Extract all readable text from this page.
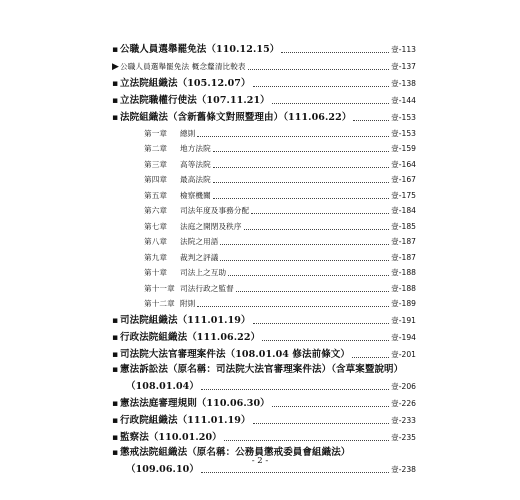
▪ 公職人員選舉罷免法（110.12.15）	壹-113
▶ 公職人員選舉罷免法 概念釐清比較表	壹-137
▪ 立法院組織法（105.12.07）	壹-138
▪ 立法院職權行使法（107.11.21）	壹-144
▪ 法院組織法（含新舊條文對照暨理由）（111.06.22）	壹-153
第一章 總則	壹-153
第二章 地方法院	壹-159
第三章 高等法院	壹-164
第四章 最高法院	壹-167
第五章 檢察機關	壹-175
第六章 司法年度及事務分配	壹-184
第七章 法庭之開閉及秩序	壹-185
第八章 法院之用語	壹-187
第九章 裁判之評議	壹-187
第十章 司法上之互助	壹-188
第十一章 司法行政之監督	壹-188
第十二章 附則	壹-189
▪ 司法院組織法（111.01.19）	壹-191
▪ 行政法院組織法（111.06.22）	壹-194
▪ 司法院大法官審理案件法（108.01.04 修法前條文）	壹-201
▪ 憲法訴訟法（原名稱：司法院大法官審理案件法）（含草案暨說明）
（108.01.04）	壹-206
▪ 憲法法庭審理規則（110.06.30）	壹-226
▪ 行政院組織法（111.01.19）	壹-233
▪ 監察法（110.01.20）	壹-235
▪ 懲戒法院組織法（原名稱：公務員懲戒委員會組織法）
（109.06.10）	壹-238
- 2 -
